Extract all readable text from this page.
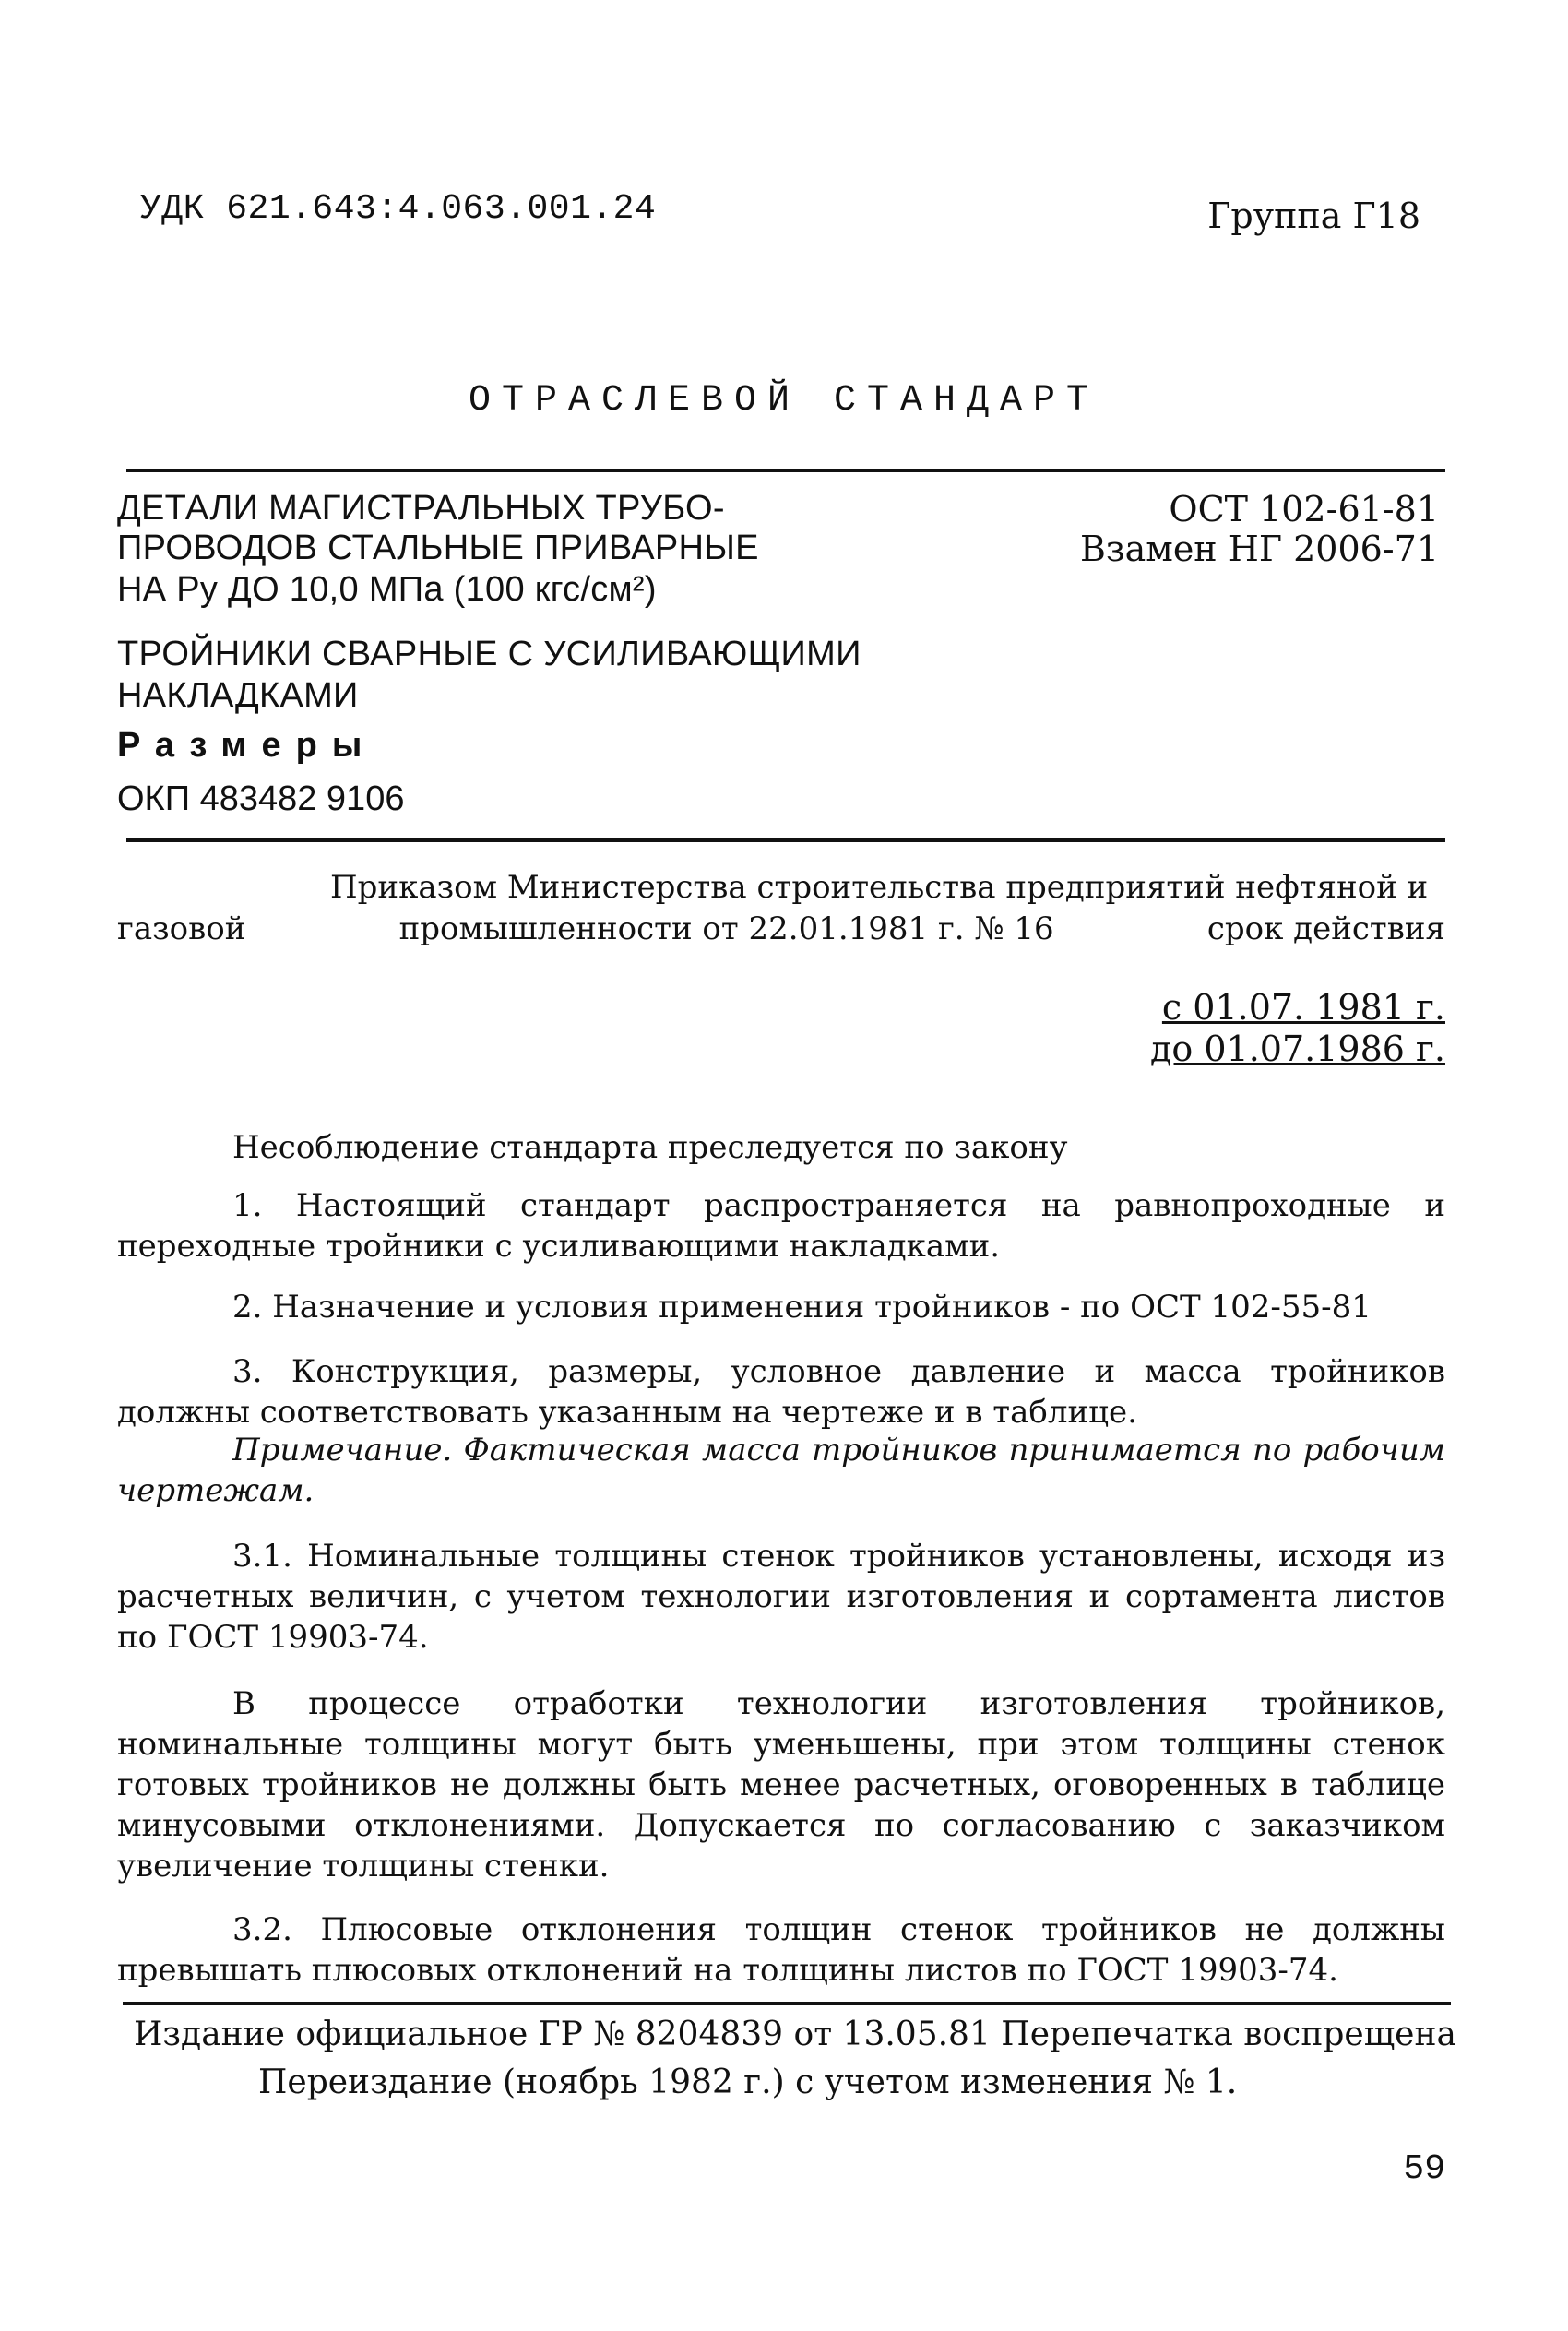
УДК 621.643:4.063.001.24	Группа Г18

ОТРАСЛЕВОЙ СТАНДАРТ

ДЕТАЛИ МАГИСТРАЛЬНЫХ ТРУБО-

ПРОВОДОВ СТАЛЬНЫЕ ПРИВАРНЫЕ

НА Ру ДО 10,0 МПа (100 кгс/см²)

ТРОЙНИКИ СВАРНЫЕ С УСИЛИВАЮЩИМИ

НАКЛАДКАМИ

Размеры

ОКП 483482 9106

ОСТ 102-61-81

Взамен НГ 2006-71

Приказом Министерства строительства предприятий нефтяной и

газовой	промышленности от 22.01.1981 г. № 16	срок действия

с 01.07. 1981 г.

до 01.07.1986 г.

Несоблюдение стандарта преследуется по закону

1. Настоящий стандарт распространяется на равнопроходные и переходные тройники с усиливающими накладками.

2. Назначение и условия применения тройников - по ОСТ 102-55-81

3. Конструкция, размеры, условное давление и масса тройников должны соответствовать указанным на чертеже и в таблице.

Примечание. Фактическая масса тройников принимается по рабочим чертежам.

3.1. Номинальные толщины стенок тройников установлены, исходя из расчетных величин, с учетом технологии изготовления и сортамента листов по ГОСТ 19903-74.

В процессе отработки технологии изготовления тройников, номинальные толщины могут быть уменьшены, при этом толщины стенок готовых тройников не должны быть менее расчетных, оговоренных в таблице минусовыми отклонениями. Допускается по согласованию с заказчиком увеличение толщины стенки.

3.2. Плюсовые отклонения толщин стенок тройников не должны превышать плюсовых отклонений на толщины листов по ГОСТ 19903-74.

Издание официальное ГР № 8204839 от 13.05.81 Перепечатка воспрещена

Переиздание (ноябрь 1982 г.) с учетом изменения № 1.

59
